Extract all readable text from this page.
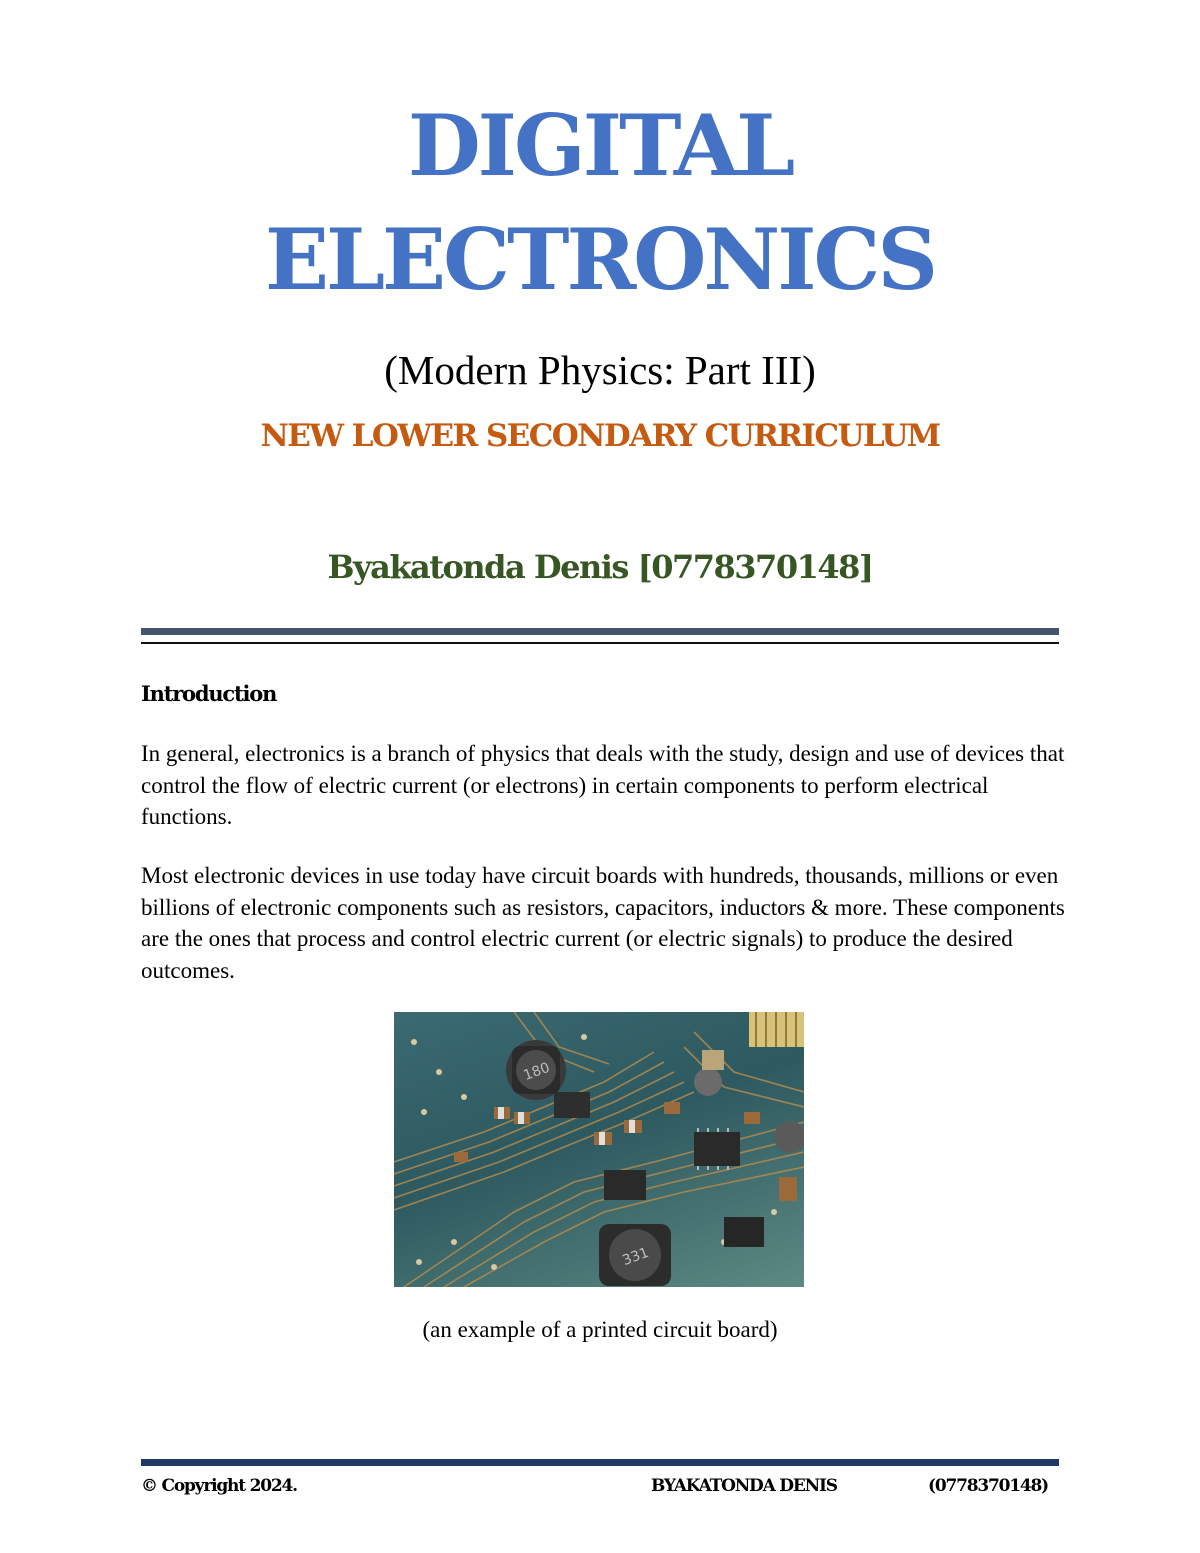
DIGITAL
ELECTRONICS
(Modern Physics: Part III)
NEW LOWER SECONDARY CURRICULUM
Byakatonda Denis [0778370148]
Introduction

In general, electronics is a branch of physics that deals with the study, design and use of devices that control the flow of electric current (or electrons) in certain components to perform electrical functions.

Most electronic devices in use today have circuit boards with hundreds, thousands, millions or even billions of electronic components such as resistors, capacitors, inductors & more. These components are the ones that process and control electric current (or electric signals) to produce the desired outcomes.

180
331
(an example of a printed circuit board)
© Copyright 2024.	BYAKATONDA DENIS	(0778370148)
